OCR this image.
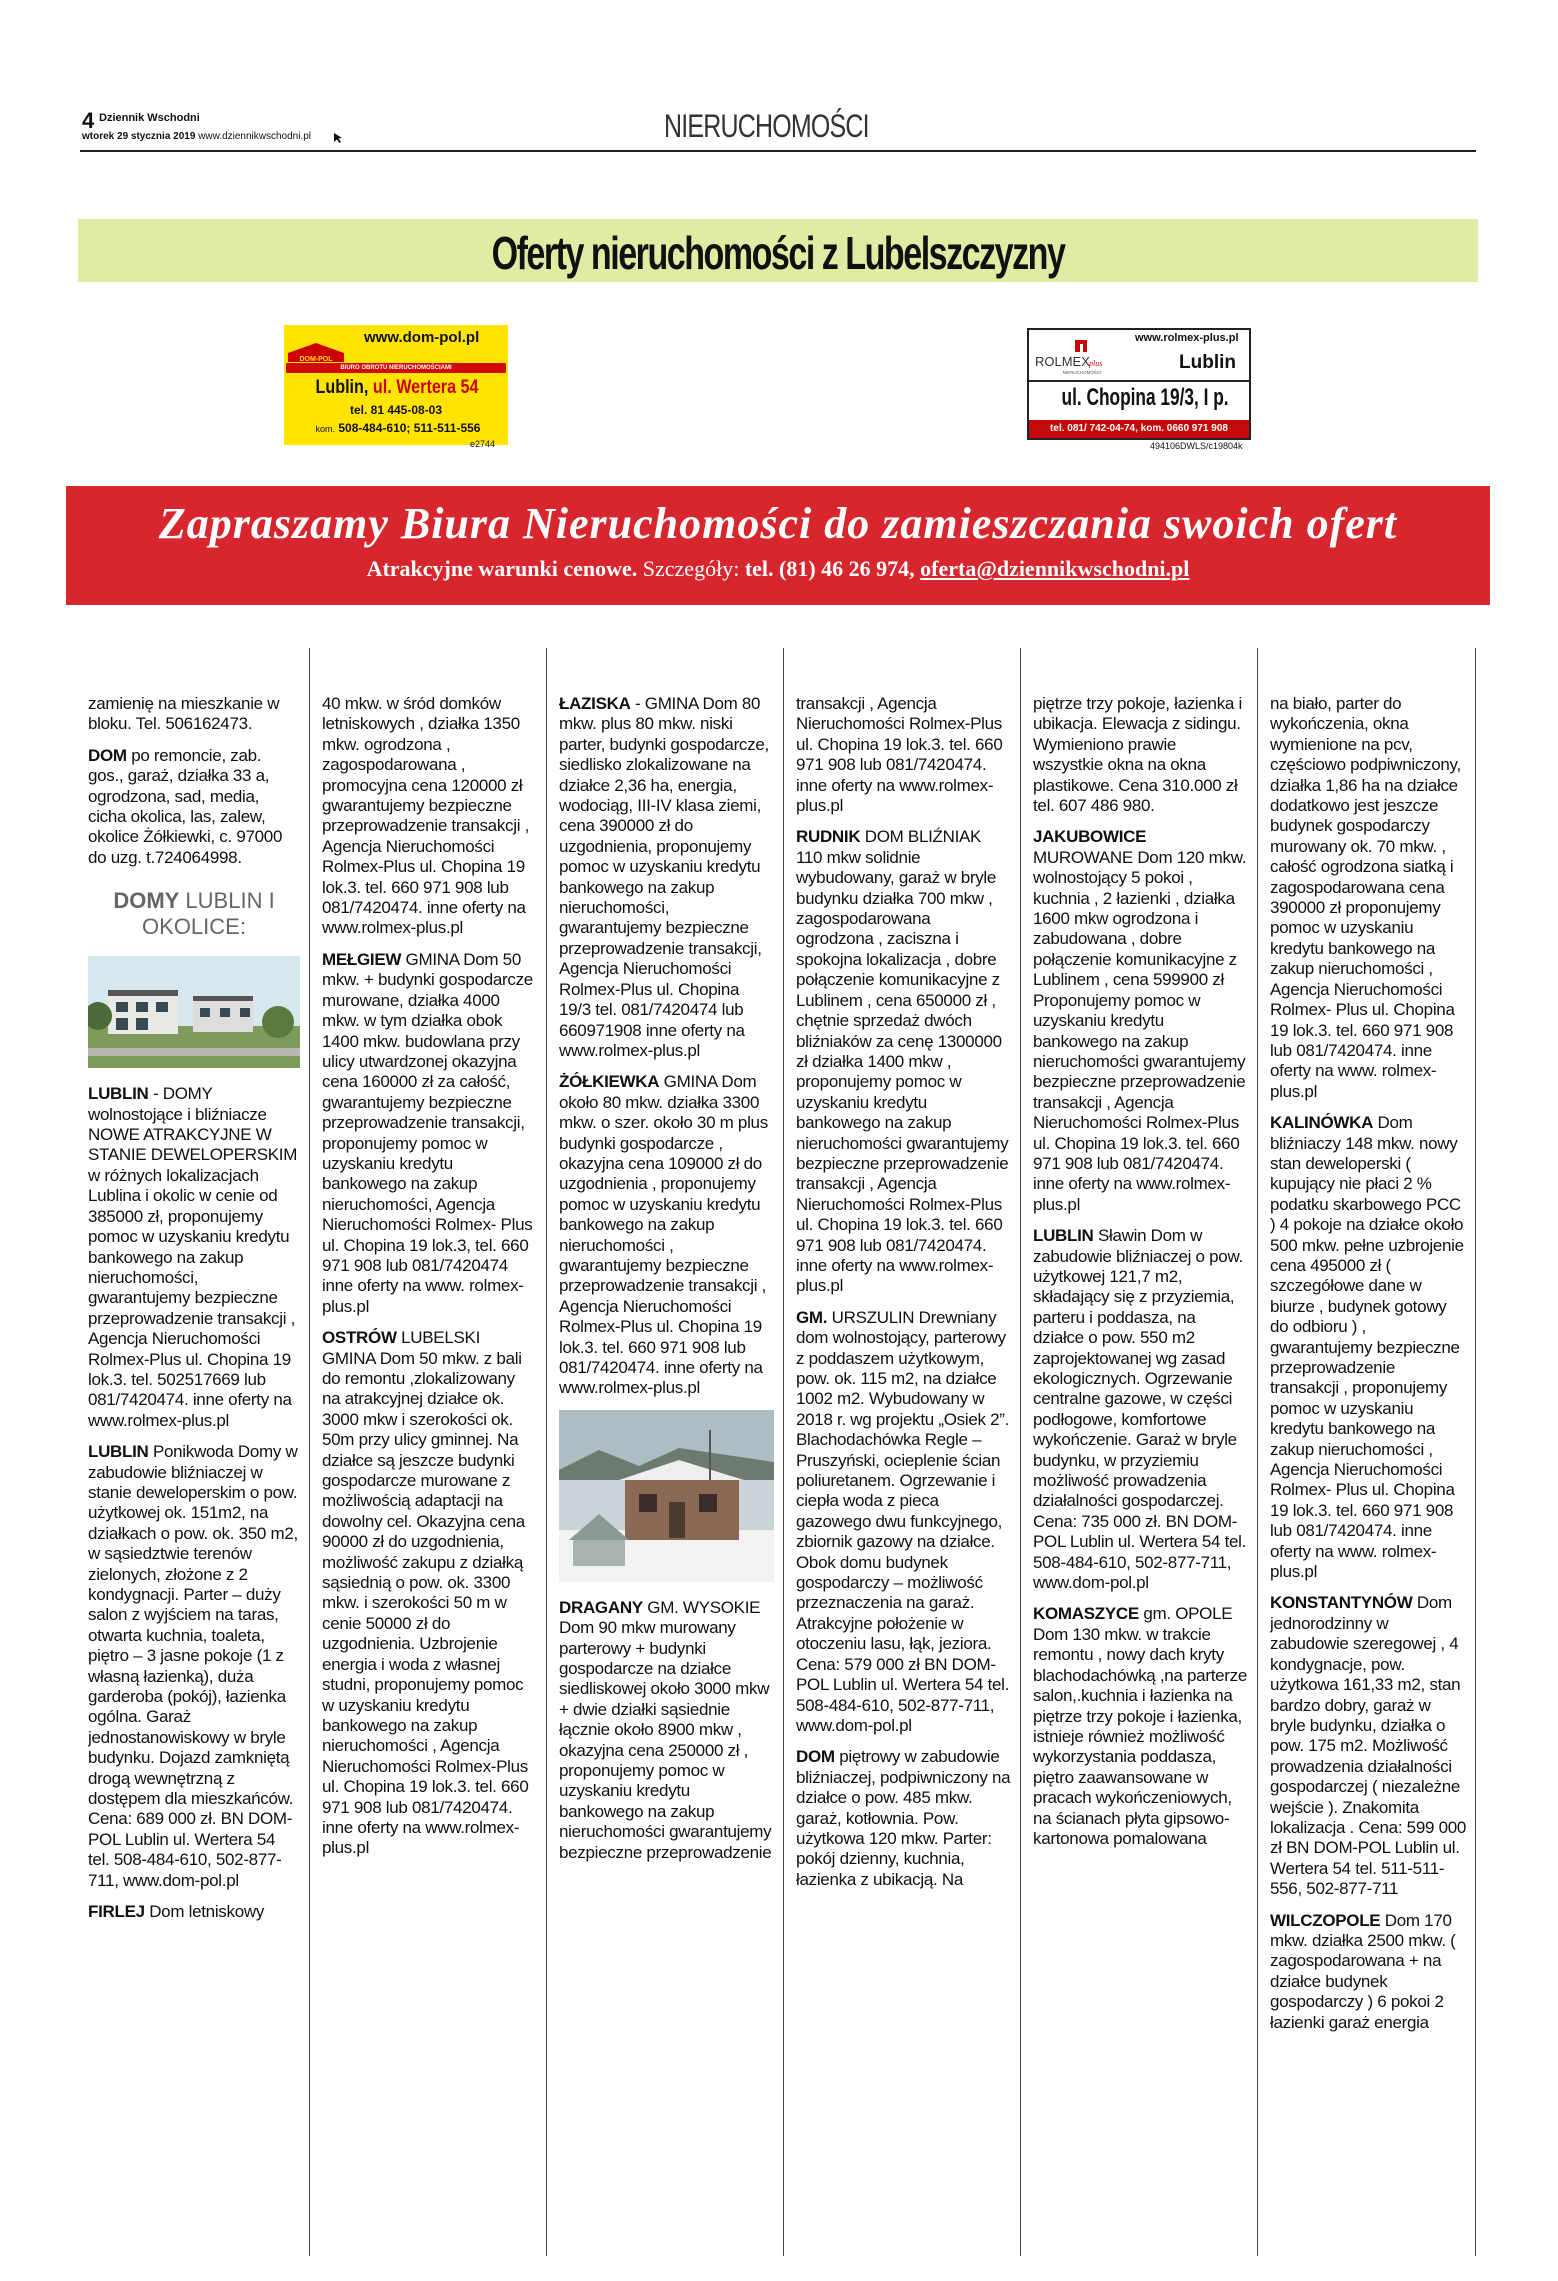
4 Dziennik Wschodni
wtorek 29 stycznia 2019 www.dziennikwschodni.pl	NIERUCHOMOŚCI
Oferty nieruchomości z Lubelszczyzny
DOM-POL
www.dom-pol.pl
BIURO OBROTU NIERUCHOMOŚCIAMI
Lublin, ul. Wertera 54
tel. 81 445-08-03
kom. 508-484-610; 511-511-556
e2744
ROLMEX plus
NIERUCHOMOŚCI
www.rolmex-plus.pl
Lublin
ul. Chopina 19/3, I p.
tel. 081/ 742-04-74, kom. 0660 971 908
494106DWLS/c19804k
Zapraszamy Biura Nieruchomości do zamieszczania swoich ofert
Atrakcyjne warunki cenowe. Szczegóły: tel. (81) 46 26 974, oferta@dziennikwschodni.pl

zamienię na mieszkanie w bloku. Tel. 506162473.

DOM po remoncie, zab. gos., garaż, działka 33 a, ogrodzona, sad, media, cicha okolica, las, zalew, okolice Żółkiewki, c. 97000 do uzg. t.724064998.

DOMY LUBLIN I OKOLICE:

LUBLIN - DOMY wolnostojące i bliźniacze NOWE ATRAKCYJNE W STANIE DEWELOPERSKIM w różnych lokalizacjach Lublina i okolic w cenie od 385000 zł, proponujemy pomoc w uzyskaniu kredytu bankowego na zakup nieruchomości, gwarantujemy bezpieczne przeprowadzenie transakcji , Agencja Nieruchomości Rolmex-Plus ul. Chopina 19 lok.3. tel. 502517669 lub 081/7420474. inne oferty na www.rolmex-plus.pl

LUBLIN Ponikwoda Domy w zabudowie bliźniaczej w stanie deweloperskim o pow. użytkowej ok. 151m2, na działkach o pow. ok. 350 m2, w sąsiedztwie terenów zielonych, złożone z 2 kondygnacji. Parter – duży salon z wyjściem na taras, otwarta kuchnia, toaleta, piętro – 3 jasne pokoje (1 z własną łazienką), duża garderoba (pokój), łazienka ogólna. Garaż jednostanowiskowy w bryle budynku. Dojazd zamkniętą drogą wewnętrzną z dostępem dla mieszkańców. Cena: 689 000 zł. BN DOM-POL Lublin ul. Wertera 54 tel. 508-484-610, 502-877-711, www.dom-pol.pl

FIRLEJ Dom letniskowy

40 mkw. w śród domków letniskowych , działka 1350 mkw. ogrodzona , zagospodarowana , promocyjna cena 120000 zł gwarantujemy bezpieczne przeprowadzenie transakcji , Agencja Nieruchomości Rolmex-Plus ul. Chopina 19 lok.3. tel. 660 971 908 lub 081/7420474. inne oferty na www.rolmex-plus.pl

MEŁGIEW GMINA Dom 50 mkw. + budynki gospodarcze murowane, działka 4000 mkw. w tym działka obok 1400 mkw. budowlana przy ulicy utwardzonej okazyjna cena 160000 zł za całość, gwarantujemy bezpieczne przeprowadzenie transakcji, proponujemy pomoc w uzyskaniu kredytu bankowego na zakup nieruchomości, Agencja Nieruchomości Rolmex- Plus ul. Chopina 19 lok.3, tel. 660 971 908 lub 081/7420474 inne oferty na www. rolmex-plus.pl

OSTRÓW LUBELSKI GMINA Dom 50 mkw. z bali do remontu ,zlokalizowany na atrakcyjnej działce ok. 3000 mkw i szerokości ok. 50m przy ulicy gminnej. Na działce są jeszcze budynki gospodarcze murowane z możliwością adaptacji na dowolny cel. Okazyjna cena 90000 zł do uzgodnienia, możliwość zakupu z działką sąsiednią o pow. ok. 3300 mkw. i szerokości 50 m w cenie 50000 zł do uzgodnienia. Uzbrojenie energia i woda z własnej studni, proponujemy pomoc w uzyskaniu kredytu bankowego na zakup nieruchomości , Agencja Nieruchomości Rolmex-Plus ul. Chopina 19 lok.3. tel. 660 971 908 lub 081/7420474. inne oferty na www.rolmex-plus.pl

ŁAZISKA - GMINA Dom 80 mkw. plus 80 mkw. niski parter, budynki gospodarcze, siedlisko zlokalizowane na działce 2,36 ha, energia, wodociąg, III-IV klasa ziemi, cena 390000 zł do uzgodnienia, proponujemy pomoc w uzyskaniu kredytu bankowego na zakup nieruchomości, gwarantujemy bezpieczne przeprowadzenie transakcji, Agencja Nieruchomości Rolmex-Plus ul. Chopina 19/3 tel. 081/7420474 lub 660971908 inne oferty na www.rolmex-plus.pl

ŻÓŁKIEWKA GMINA Dom około 80 mkw. działka 3300 mkw. o szer. około 30 m plus budynki gospodarcze , okazyjna cena 109000 zł do uzgodnienia , proponujemy pomoc w uzyskaniu kredytu bankowego na zakup nieruchomości , gwarantujemy bezpieczne przeprowadzenie transakcji , Agencja Nieruchomości Rolmex-Plus ul. Chopina 19 lok.3. tel. 660 971 908 lub 081/7420474. inne oferty na www.rolmex-plus.pl

DRAGANY GM. WYSOKIE Dom 90 mkw murowany parterowy + budynki gospodarcze na działce siedliskowej około 3000 mkw + dwie działki sąsiednie łącznie około 8900 mkw , okazyjna cena 250000 zł , proponujemy pomoc w uzyskaniu kredytu bankowego na zakup nieruchomości gwarantujemy bezpieczne przeprowadzenie

transakcji , Agencja Nieruchomości Rolmex-Plus ul. Chopina 19 lok.3. tel. 660 971 908 lub 081/7420474. inne oferty na www.rolmex-plus.pl

RUDNIK DOM BLIŹNIAK 110 mkw solidnie wybudowany, garaż w bryle budynku działka 700 mkw , zagospodarowana ogrodzona , zaciszna i spokojna lokalizacja , dobre połączenie komunikacyjne z Lublinem , cena 650000 zł , chętnie sprzedaż dwóch bliźniaków za cenę 1300000 zł działka 1400 mkw , proponujemy pomoc w uzyskaniu kredytu bankowego na zakup nieruchomości gwarantujemy bezpieczne przeprowadzenie transakcji , Agencja Nieruchomości Rolmex-Plus ul. Chopina 19 lok.3. tel. 660 971 908 lub 081/7420474. inne oferty na www.rolmex-plus.pl

GM. URSZULIN Drewniany dom wolnostojący, parterowy z poddaszem użytkowym, pow. ok. 115 m2, na działce 1002 m2. Wybudowany w 2018 r. wg projektu „Osiek 2”. Blachodachówka Regle – Pruszyński, ocieplenie ścian poliuretanem. Ogrzewanie i ciepła woda z pieca gazowego dwu funkcyjnego, zbiornik gazowy na działce. Obok domu budynek gospodarczy – możliwość przeznaczenia na garaż. Atrakcyjne położenie w otoczeniu lasu, łąk, jeziora. Cena: 579 000 zł BN DOM-POL Lublin ul. Wertera 54 tel. 508-484-610, 502-877-711, www.dom-pol.pl

DOM piętrowy w zabudowie bliźniaczej, podpiwniczony na działce o pow. 485 mkw. garaż, kotłownia. Pow. użytkowa 120 mkw. Parter: pokój dzienny, kuchnia, łazienka z ubikacją. Na

piętrze trzy pokoje, łazienka i ubikacja. Elewacja z sidingu. Wymieniono prawie wszystkie okna na okna plastikowe. Cena 310.000 zł tel. 607 486 980.

JAKUBOWICE MUROWANE Dom 120 mkw. wolnostojący 5 pokoi , kuchnia , 2 łazienki , działka 1600 mkw ogrodzona i zabudowana , dobre połączenie komunikacyjne z Lublinem , cena 599900 zł Proponujemy pomoc w uzyskaniu kredytu bankowego na zakup nieruchomości gwarantujemy bezpieczne przeprowadzenie transakcji , Agencja Nieruchomości Rolmex-Plus ul. Chopina 19 lok.3. tel. 660 971 908 lub 081/7420474. inne oferty na www.rolmex-plus.pl

LUBLIN Sławin Dom w zabudowie bliźniaczej o pow. użytkowej 121,7 m2, składający się z przyziemia, parteru i poddasza, na działce o pow. 550 m2 zaprojektowanej wg zasad ekologicznych. Ogrzewanie centralne gazowe, w części podłogowe, komfortowe wykończenie. Garaż w bryle budynku, w przyziemiu możliwość prowadzenia działalności gospodarczej. Cena: 735 000 zł. BN DOM-POL Lublin ul. Wertera 54 tel. 508-484-610, 502-877-711, www.dom-pol.pl

KOMASZYCE gm. OPOLE Dom 130 mkw. w trakcie remontu , nowy dach kryty blachodachówką ,na parterze salon,.kuchnia i łazienka na piętrze trzy pokoje i łazienka, istnieje również możliwość wykorzystania poddasza, piętro zaawansowane w pracach wykończeniowych, na ścianach płyta gipsowo-kartonowa pomalowana

na biało, parter do wykończenia, okna wymienione na pcv, częściowo podpiwniczony, działka 1,86 ha na działce dodatkowo jest jeszcze budynek gospodarczy murowany ok. 70 mkw. , całość ogrodzona siatką i zagospodarowana cena 390000 zł proponujemy pomoc w uzyskaniu kredytu bankowego na zakup nieruchomości , Agencja Nieruchomości Rolmex- Plus ul. Chopina 19 lok.3. tel. 660 971 908 lub 081/7420474. inne oferty na www. rolmex-plus.pl

KALINÓWKA Dom bliźniaczy 148 mkw. nowy stan deweloperski ( kupujący nie płaci 2 % podatku skarbowego PCC ) 4 pokoje na działce około 500 mkw. pełne uzbrojenie cena 495000 zł ( szczegółowe dane w biurze , budynek gotowy do odbioru ) , gwarantujemy bezpieczne przeprowadzenie transakcji , proponujemy pomoc w uzyskaniu kredytu bankowego na zakup nieruchomości , Agencja Nieruchomości Rolmex- Plus ul. Chopina 19 lok.3. tel. 660 971 908 lub 081/7420474. inne oferty na www. rolmex-plus.pl

KONSTANTYNÓW Dom jednorodzinny w zabudowie szeregowej , 4 kondygnacje, pow. użytkowa 161,33 m2, stan bardzo dobry, garaż w bryle budynku, działka o pow. 175 m2. Możliwość prowadzenia działalności gospodarczej ( niezależne wejście ). Znakomita lokalizacja . Cena: 599 000 zł BN DOM-POL Lublin ul. Wertera 54 tel. 511-511-556, 502-877-711

WILCZOPOLE Dom 170 mkw. działka 2500 mkw. ( zagospodarowana + na działce budynek gospodarczy ) 6 pokoi 2 łazienki garaż energia
